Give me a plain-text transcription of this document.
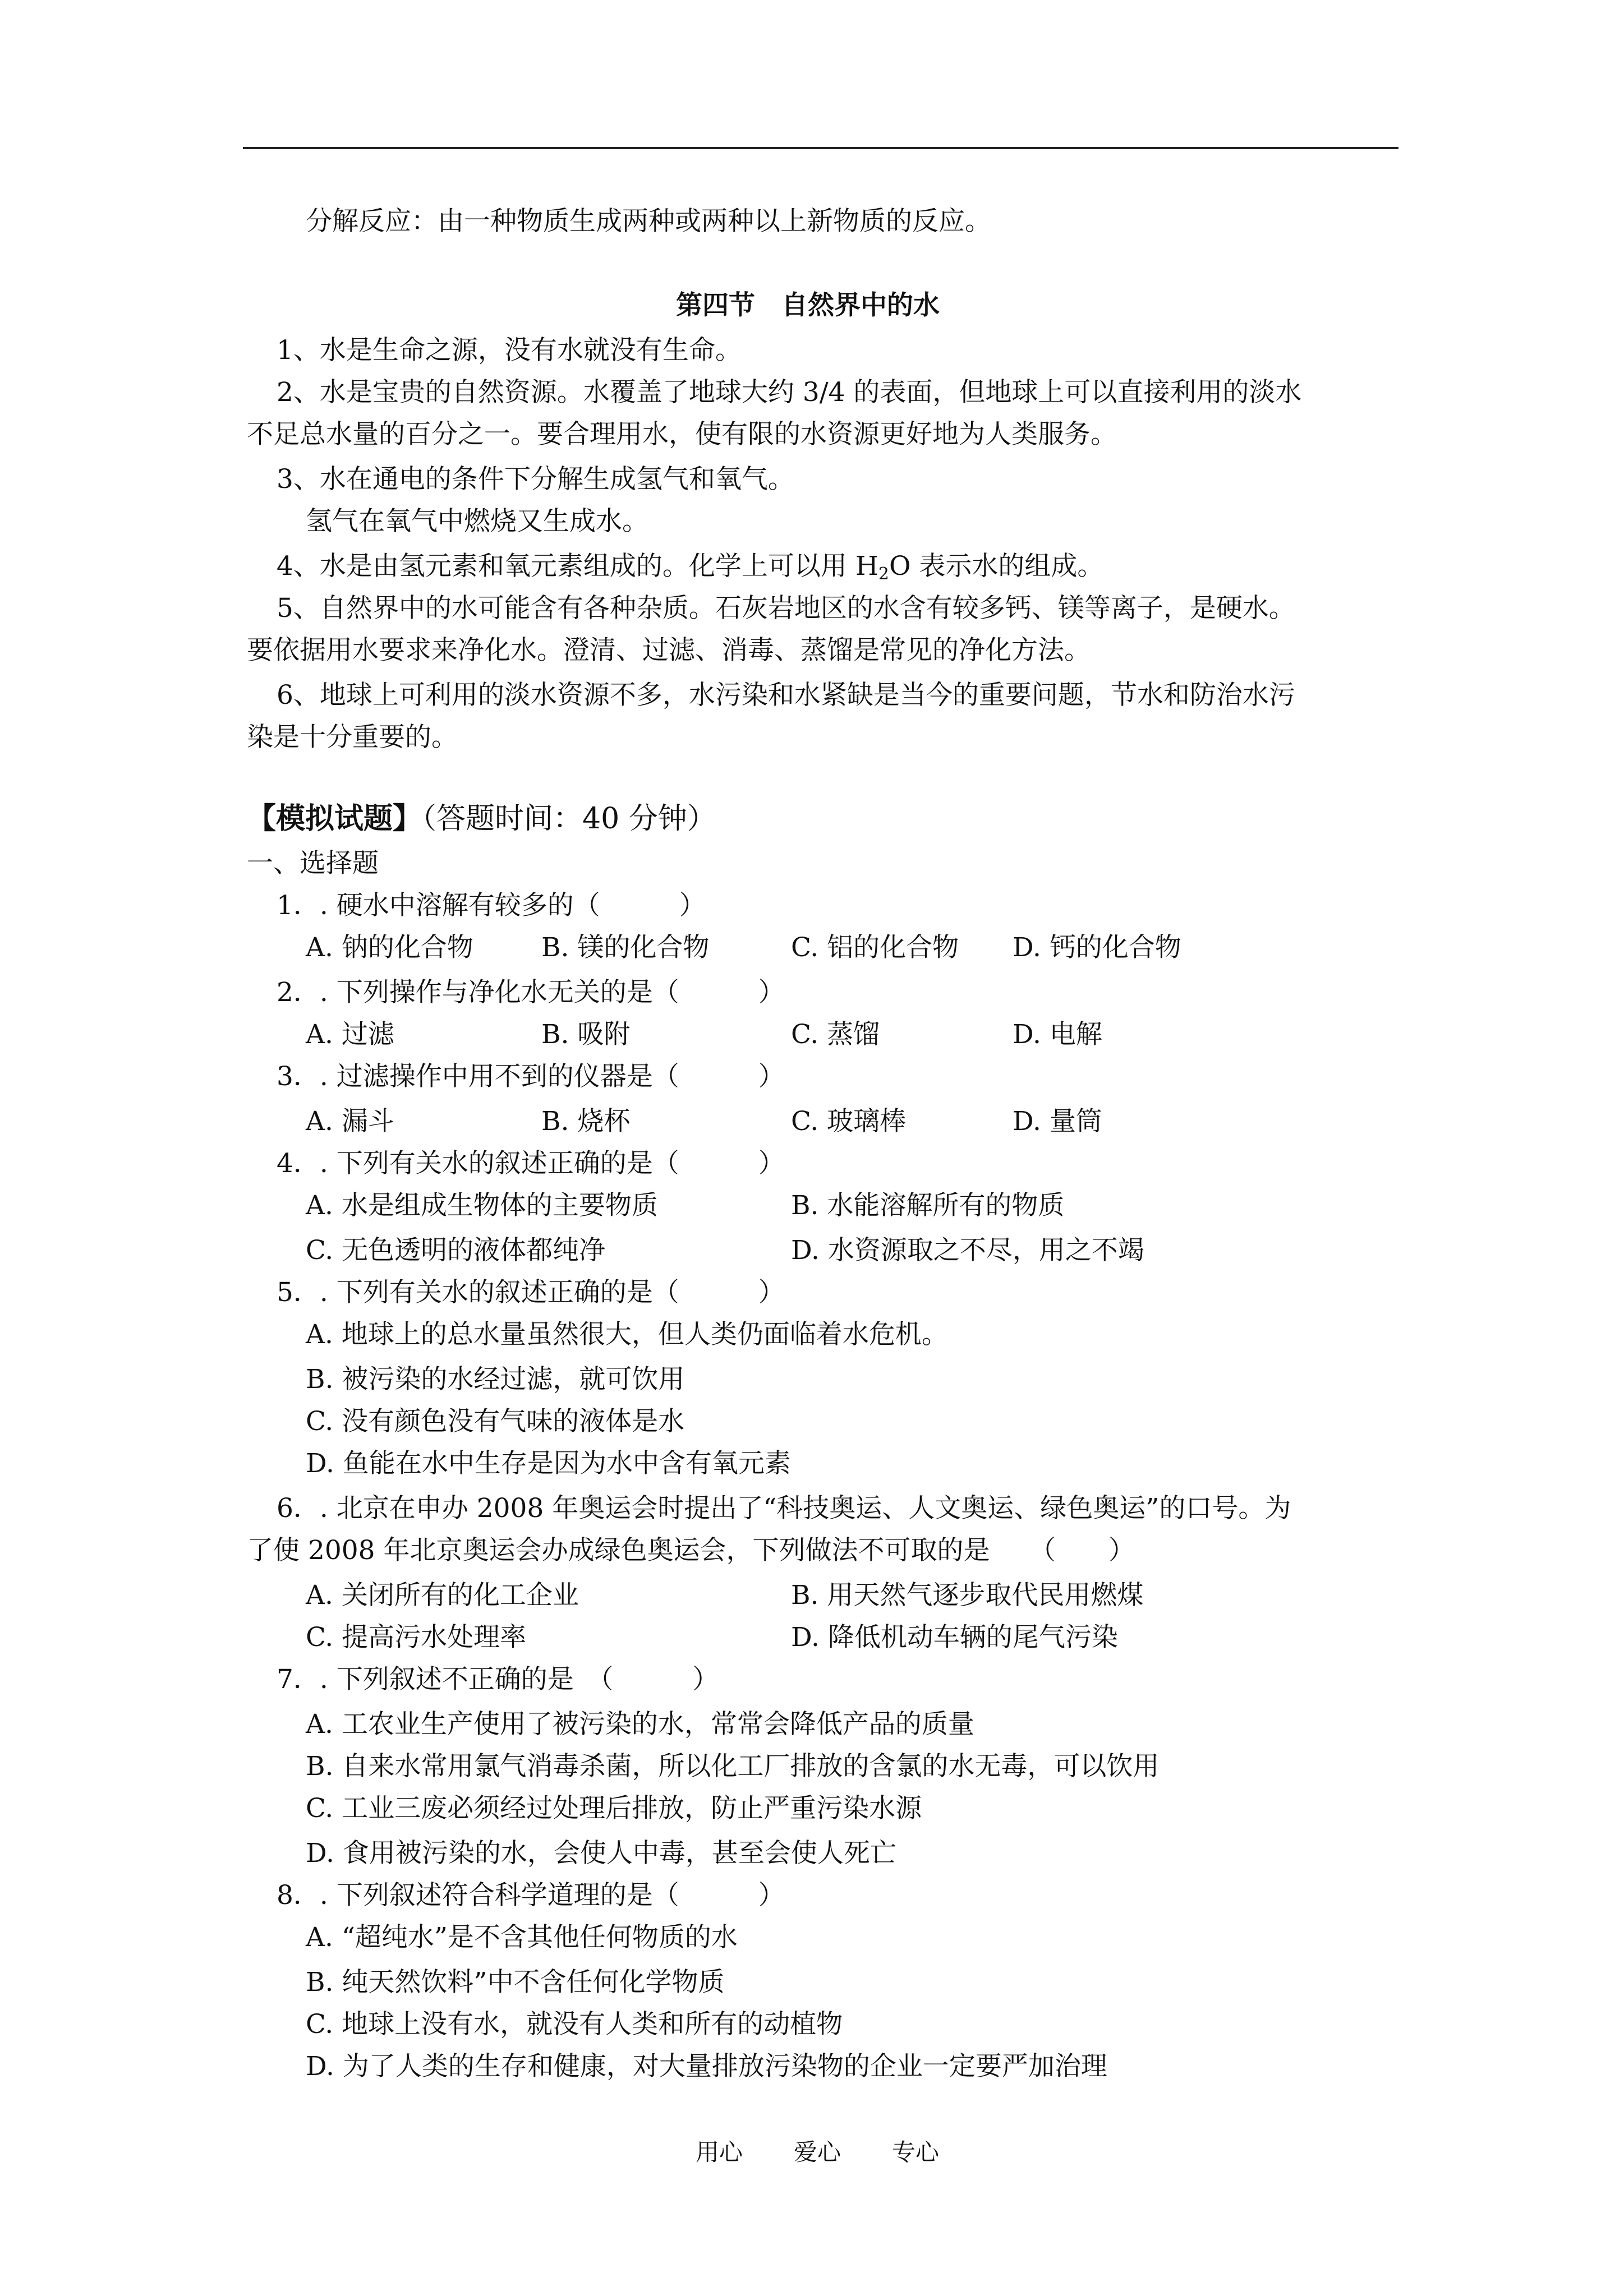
分解反应：由一种物质生成两种或两种以上新物质的反应。
第四节　自然界中的水
1、水是生命之源，没有水就没有生命。
2、水是宝贵的自然资源。水覆盖了地球大约 3/4 的表面，但地球上可以直接利用的淡水
不足总水量的百分之一。要合理用水，使有限的水资源更好地为人类服务。
3、水在通电的条件下分解生成氢气和氧气。
氢气在氧气中燃烧又生成水。
4、水是由氢元素和氧元素组成的。化学上可以用 $H_2O$ 表示水的组成。
5、自然界中的水可能含有各种杂质。石灰岩地区的水含有较多钙、镁等离子，是硬水。
要依据用水要求来净化水。澄清、过滤、消毒、蒸馏是常见的净化方法。
6、地球上可利用的淡水资源不多，水污染和水紧缺是当今的重要问题，节水和防治水污
染是十分重要的。
【模拟试题】（答题时间：40 分钟）
一、选择题
1．. 硬水中溶解有较多的（　　　）
A. 钠的化合物	B. 镁的化合物	C. 铝的化合物 D. 钙的化合物
2．. 下列操作与净化水无关的是（　　　）
A. 过滤	B. 吸附	C. 蒸馏	D. 电解
3．. 过滤操作中用不到的仪器是（　　　）
A. 漏斗	B. 烧杯	C. 玻璃棒	D. 量筒
4．. 下列有关水的叙述正确的是（　　　）
A. 水是组成生物体的主要物质	B. 水能溶解所有的物质
C. 无色透明的液体都纯净	D. 水资源取之不尽，用之不竭
5．. 下列有关水的叙述正确的是（　　　）
A. 地球上的总水量虽然很大，但人类仍面临着水危机。
B. 被污染的水经过滤，就可饮用
C. 没有颜色没有气味的液体是水
D. 鱼能在水中生存是因为水中含有氧元素
6．. 北京在申办 2008 年奥运会时提出了“科技奥运、人文奥运、绿色奥运”的口号。为
了使 2008 年北京奥运会办成绿色奥运会，下列做法不可取的是　　（　　）
A. 关闭所有的化工企业	B. 用天然气逐步取代民用燃煤
C. 提高污水处理率	D. 降低机动车辆的尾气污染
7．. 下列叙述不正确的是　（　　　）
A. 工农业生产使用了被污染的水，常常会降低产品的质量
B. 自来水常用氯气消毒杀菌，所以化工厂排放的含氯的水无毒，可以饮用
C. 工业三废必须经过处理后排放，防止严重污染水源
D. 食用被污染的水，会使人中毒，甚至会使人死亡
8．. 下列叙述符合科学道理的是（　　　）
A. “超纯水”是不含其他任何物质的水
B. 纯天然饮料”中不含任何化学物质
C. 地球上没有水，就没有人类和所有的动植物
D. 为了人类的生存和健康，对大量排放污染物的企业一定要严加治理
用心 爱心 专心
